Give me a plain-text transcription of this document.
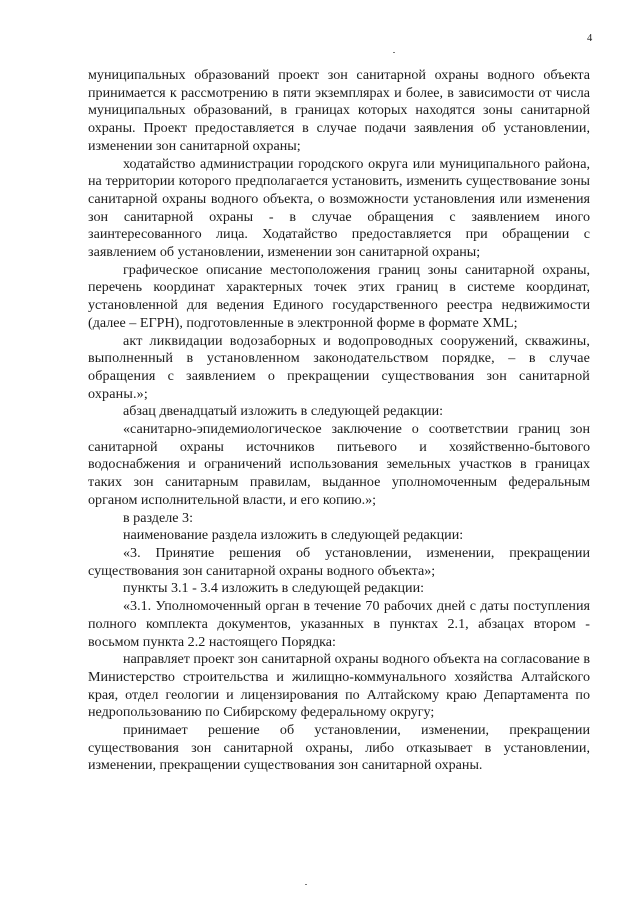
4

муниципальных образований проект зон санитарной охраны водного объекта принимается к рассмотрению в пяти экземплярах и более, в зависимости от числа муниципальных образований, в границах которых находятся зоны санитарной охраны. Проект предоставляется в случае подачи заявления об установлении, изменении зон санитарной охраны;

ходатайство администрации городского округа или муниципального района, на территории которого предполагается установить, изменить существование зоны санитарной охраны водного объекта, о возможности установления или изменения зон санитарной охраны - в случае обращения с заявлением иного заинтересованного лица. Ходатайство предоставляется при обращении с заявлением об установлении, изменении зон санитарной охраны;

графическое описание местоположения границ зоны санитарной охраны, перечень координат характерных точек этих границ в системе координат, установленной для ведения Единого государственного реестра недвижимости (далее – ЕГРН), подготовленные в электронной форме в формате XML;

акт ликвидации водозаборных и водопроводных сооружений, скважины, выполненный в установленном законодательством порядке, – в случае обращения с заявлением о прекращении существования зон санитарной охраны.»;

абзац двенадцатый изложить в следующей редакции:

«санитарно-эпидемиологическое заключение о соответствии границ зон санитарной охраны источников питьевого и хозяйственно-бытового водоснабжения и ограничений использования земельных участков в границах таких зон санитарным правилам, выданное уполномоченным федеральным органом исполнительной власти, и его копию.»;

в разделе 3:

наименование раздела изложить в следующей редакции:

«3. Принятие решения об установлении, изменении, прекращении существования зон санитарной охраны водного объекта»;

пункты 3.1 - 3.4 изложить в следующей редакции:

«3.1. Уполномоченный орган в течение 70 рабочих дней с даты поступления полного комплекта документов, указанных в пунктах 2.1, абзацах втором - восьмом пункта 2.2 настоящего Порядка:

направляет проект зон санитарной охраны водного объекта на согласование в Министерство строительства и жилищно-коммунального хозяйства Алтайского края, отдел геологии и лицензирования по Алтайскому краю Департамента по недропользованию по Сибирскому федеральному округу;

принимает решение об установлении, изменении, прекращении существования зон санитарной охраны, либо отказывает в установлении, изменении, прекращении существования зон санитарной охраны.
